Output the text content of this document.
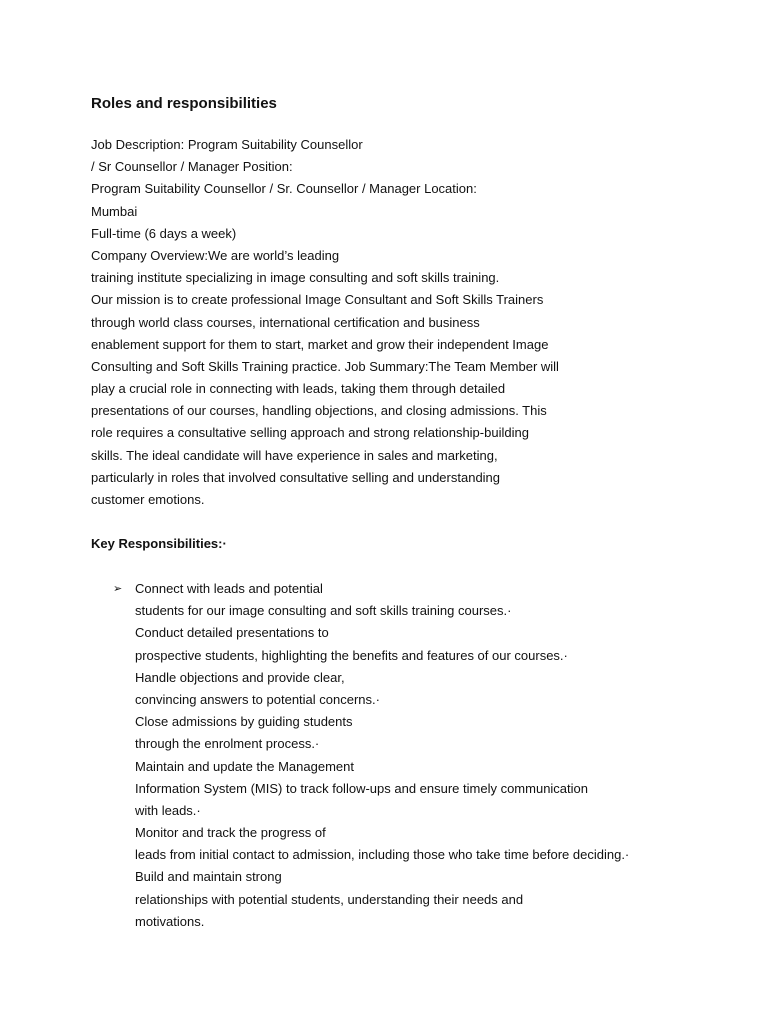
Roles and responsibilities
Job Description: Program Suitability Counsellor
/ Sr Counsellor / Manager Position:
Program Suitability Counsellor / Sr. Counsellor / Manager Location:
Mumbai
Full-time (6 days a week)
Company Overview:We are world’s leading
training institute specializing in image consulting and soft skills training.
Our mission is to create professional Image Consultant and Soft Skills Trainers
through world class courses, international certification and business
enablement support for them to start, market and grow their independent Image
Consulting and Soft Skills Training practice. Job Summary:The Team Member will
play a crucial role in connecting with leads, taking them through detailed
presentations of our courses, handling objections, and closing admissions. This
role requires a consultative selling approach and strong relationship-building
skills. The ideal candidate will have experience in sales and marketing,
particularly in roles that involved consultative selling and understanding
customer emotions.
Key Responsibilities:·
➢ Connect with leads and potential
students for our image consulting and soft skills training courses.·
Conduct detailed presentations to
prospective students, highlighting the benefits and features of our courses.·
Handle objections and provide clear,
convincing answers to potential concerns.·
Close admissions by guiding students
through the enrolment process.·
Maintain and update the Management
Information System (MIS) to track follow-ups and ensure timely communication
with leads.·
Monitor and track the progress of
leads from initial contact to admission, including those who take time before deciding.·
Build and maintain strong
relationships with potential students, understanding their needs and
motivations.
